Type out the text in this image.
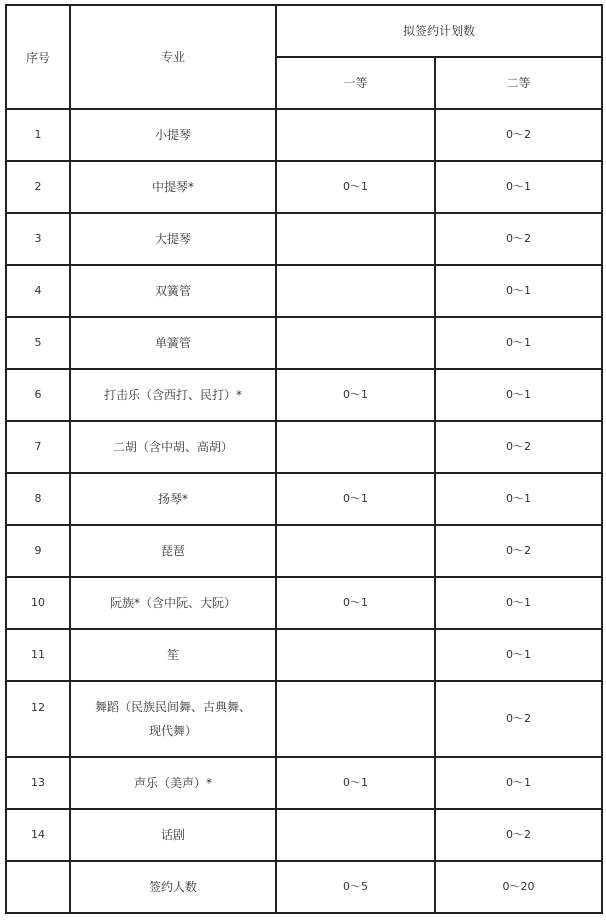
序号	专业	拟签约计划数	
		一等	二等
1	小提琴		0～2
2	中提琴*	0～1	0～1
3	大提琴		0～2
4	双簧管		0～1
5	单簧管		0～1
6	打击乐（含西打、民打）*	0～1	0～1
7	二胡（含中胡、高胡）		0～2
8	扬琴*	0～1	0～1
9	琵琶		0～2
10	阮族*（含中阮、大阮）	0～1	0～1
11	笙		0～1
12	舞蹈（民族民间舞、古典舞、
现代舞）		0～2
13	声乐（美声）*	0～1	0～1
14	话剧		0～2
	签约人数	0～5	0～20
